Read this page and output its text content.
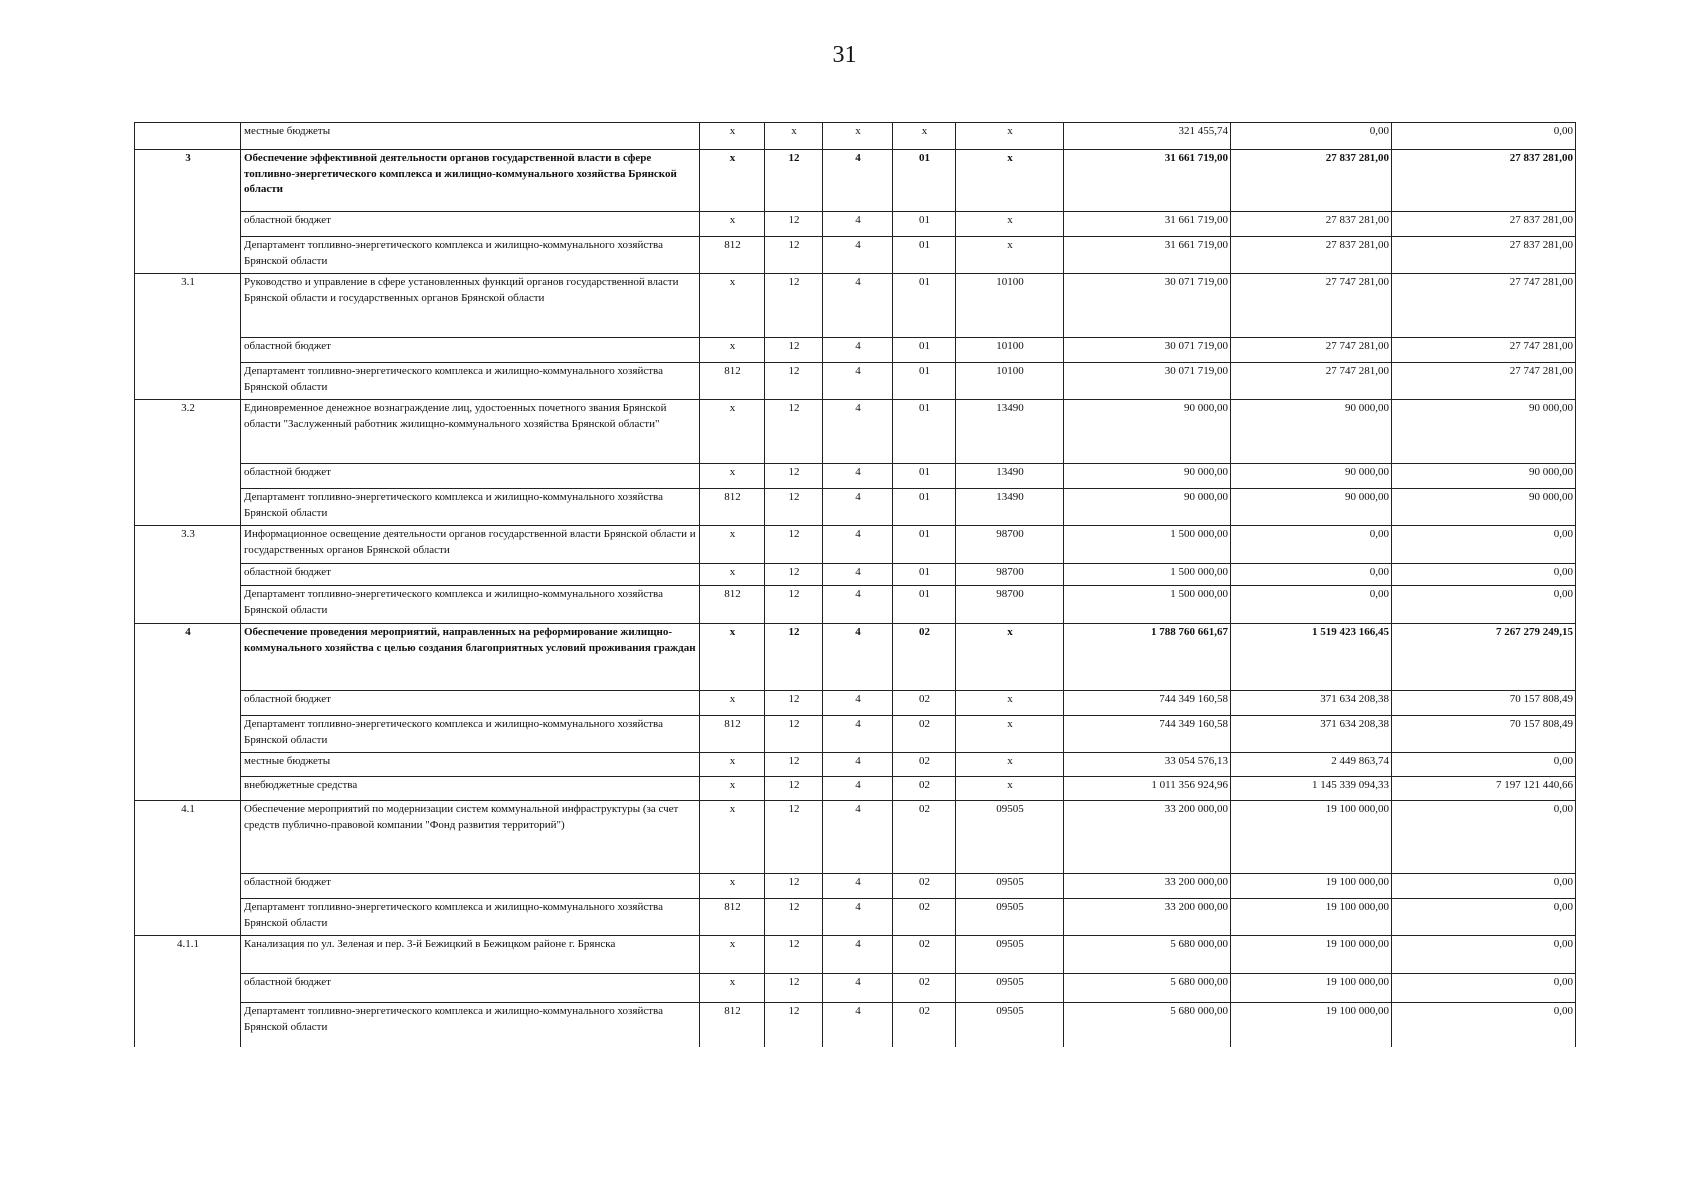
31
	местные бюджеты	x	x	x	x	x	321 455,74	0,00	0,00
3	Обеспечение эффективной деятельности органов государственной власти в сфере топливно-энергетического комплекса и жилищно-коммунального хозяйства Брянской области	x	12	4	01	x	31 661 719,00	27 837 281,00	27 837 281,00
	областной бюджет	x	12	4	01	x	31 661 719,00	27 837 281,00	27 837 281,00
	Департамент топливно-энергетического комплекса и жилищно-коммунального хозяйства Брянской области	812	12	4	01	x	31 661 719,00	27 837 281,00	27 837 281,00
3.1	Руководство и управление в сфере установленных функций органов государственной власти Брянской области и государственных органов Брянской области	x	12	4	01	10100	30 071 719,00	27 747 281,00	27 747 281,00
	областной бюджет	x	12	4	01	10100	30 071 719,00	27 747 281,00	27 747 281,00
	Департамент топливно-энергетического комплекса и жилищно-коммунального хозяйства Брянской области	812	12	4	01	10100	30 071 719,00	27 747 281,00	27 747 281,00
3.2	Единовременное денежное вознаграждение лиц, удостоенных почетного звания Брянской области "Заслуженный работник жилищно-коммунального хозяйства Брянской области"	x	12	4	01	13490	90 000,00	90 000,00	90 000,00
	областной бюджет	x	12	4	01	13490	90 000,00	90 000,00	90 000,00
	Департамент топливно-энергетического комплекса и жилищно-коммунального хозяйства Брянской области	812	12	4	01	13490	90 000,00	90 000,00	90 000,00
3.3	Информационное освещение деятельности органов государственной власти Брянской области и государственных органов Брянской области	x	12	4	01	98700	1 500 000,00	0,00	0,00
	областной бюджет	x	12	4	01	98700	1 500 000,00	0,00	0,00
	Департамент топливно-энергетического комплекса и жилищно-коммунального хозяйства Брянской области	812	12	4	01	98700	1 500 000,00	0,00	0,00
4	Обеспечение проведения мероприятий, направленных на реформирование жилищно-коммунального хозяйства с целью создания благоприятных условий проживания граждан	x	12	4	02	x	1 788 760 661,67	1 519 423 166,45	7 267 279 249,15
	областной бюджет	x	12	4	02	x	744 349 160,58	371 634 208,38	70 157 808,49
	Департамент топливно-энергетического комплекса и жилищно-коммунального хозяйства Брянской области	812	12	4	02	x	744 349 160,58	371 634 208,38	70 157 808,49
	местные бюджеты	x	12	4	02	x	33 054 576,13	2 449 863,74	0,00
	внебюджетные средства	x	12	4	02	x	1 011 356 924,96	1 145 339 094,33	7 197 121 440,66
4.1	Обеспечение мероприятий по модернизации систем коммунальной инфраструктуры (за счет средств публично-правовой компании "Фонд развития территорий")	x	12	4	02	09505	33 200 000,00	19 100 000,00	0,00
	областной бюджет	x	12	4	02	09505	33 200 000,00	19 100 000,00	0,00
	Департамент топливно-энергетического комплекса и жилищно-коммунального хозяйства Брянской области	812	12	4	02	09505	33 200 000,00	19 100 000,00	0,00
4.1.1	Канализация по ул. Зеленая и пер. 3-й Бежицкий в Бежицком районе г. Брянска	x	12	4	02	09505	5 680 000,00	19 100 000,00	0,00
	областной бюджет	x	12	4	02	09505	5 680 000,00	19 100 000,00	0,00
	Департамент топливно-энергетического комплекса и жилищно-коммунального хозяйства Брянской области	812	12	4	02	09505	5 680 000,00	19 100 000,00	0,00
